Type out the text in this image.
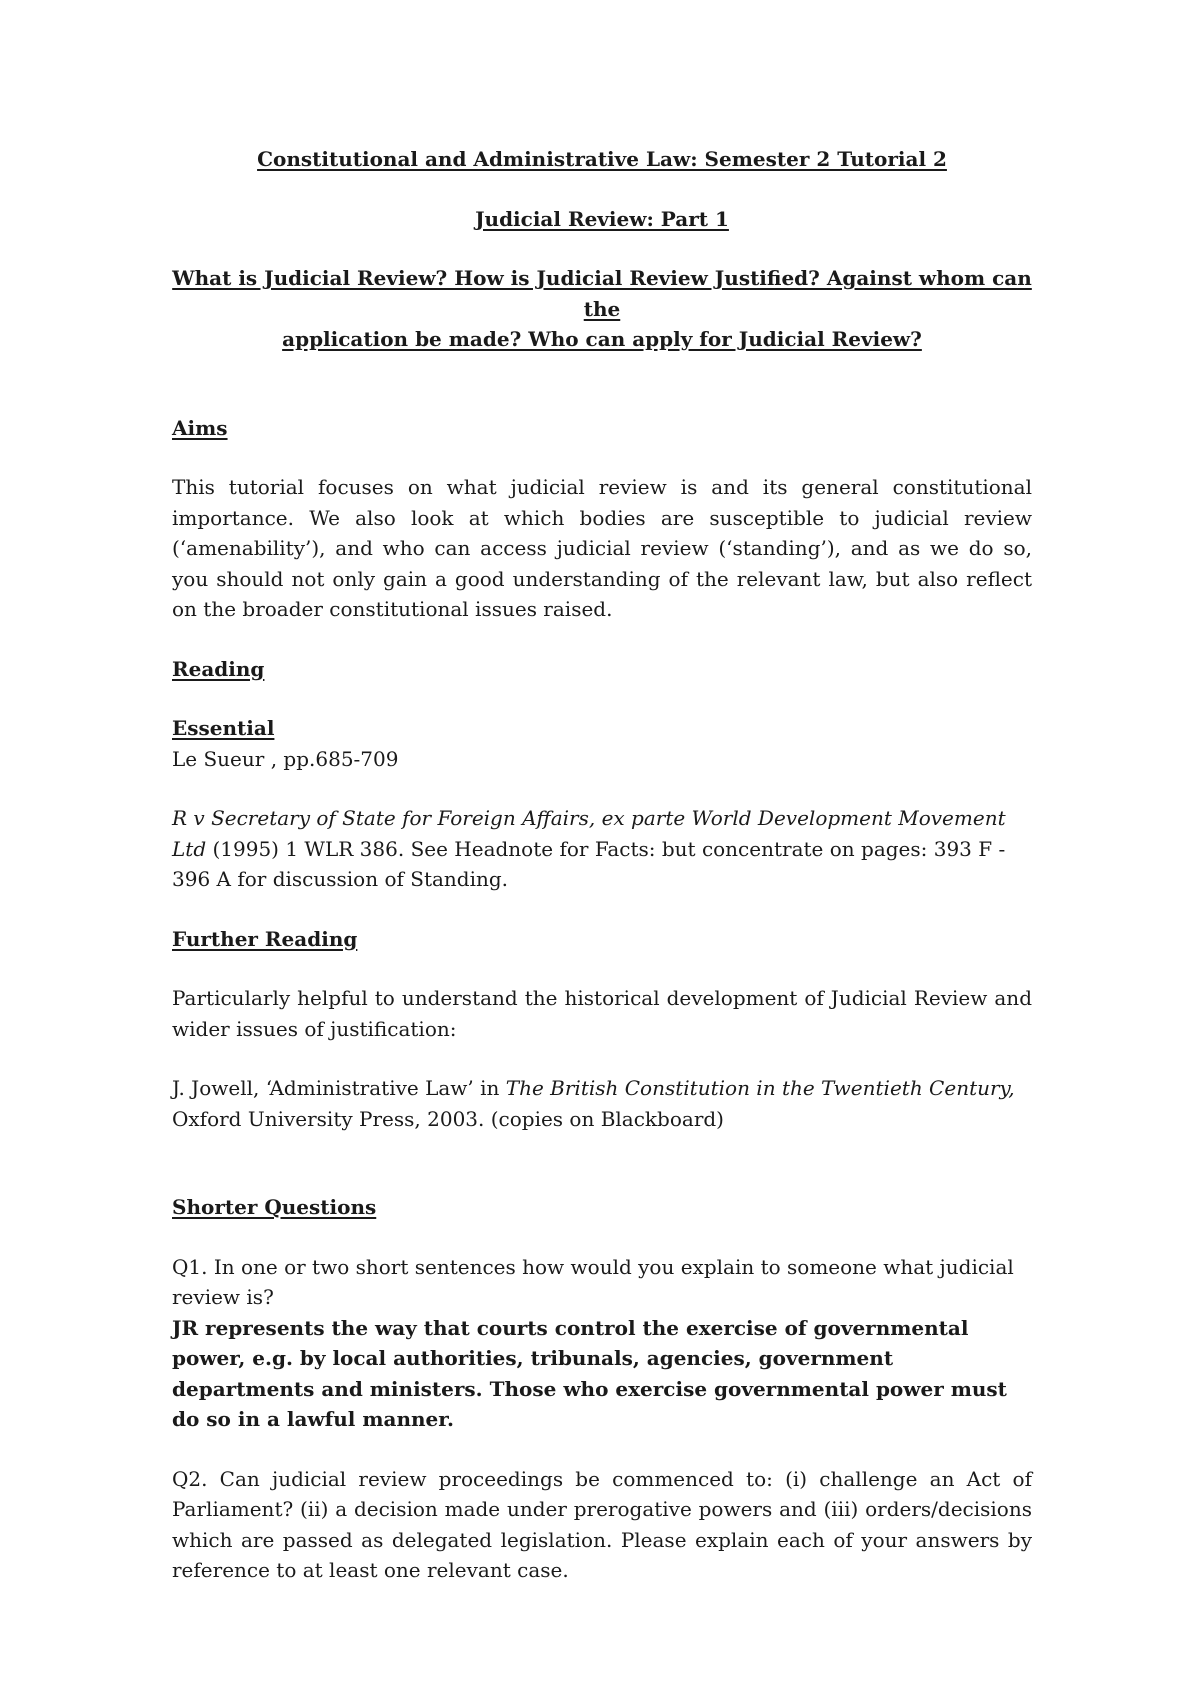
Constitutional and Administrative Law: Semester 2 Tutorial 2

Judicial Review: Part 1

What is Judicial Review? How is Judicial Review Justified? Against whom can the

application be made? Who can apply for Judicial Review?

Aims

This tutorial focuses on what judicial review is and its general constitutional importance. We also look at which bodies are susceptible to judicial review (‘amenability’), and who can access judicial review (‘standing’), and as we do so, you should not only gain a good understanding of the relevant law, but also reflect on the broader constitutional issues raised.

Reading

Essential

Le Sueur , pp.685-709

R v Secretary of State for Foreign Affairs, ex parte World Development Movement Ltd (1995) 1 WLR 386. See Headnote for Facts: but concentrate on pages: 393 F - 396 A for discussion of Standing.

Further Reading

Particularly helpful to understand the historical development of Judicial Review and wider issues of justification:

J. Jowell, ‘Administrative Law’ in The British Constitution in the Twentieth Century, Oxford University Press, 2003. (copies on Blackboard)

Shorter Questions

Q1. In one or two short sentences how would you explain to someone what judicial review is?

JR represents the way that courts control the exercise of governmental power, e.g. by local authorities, tribunals, agencies, government departments and ministers. Those who exercise governmental power must do so in a lawful manner.

Q2. Can judicial review proceedings be commenced to: (i) challenge an Act of Parliament? (ii) a decision made under prerogative powers and (iii) orders/decisions which are passed as delegated legislation. Please explain each of your answers by reference to at least one relevant case.
